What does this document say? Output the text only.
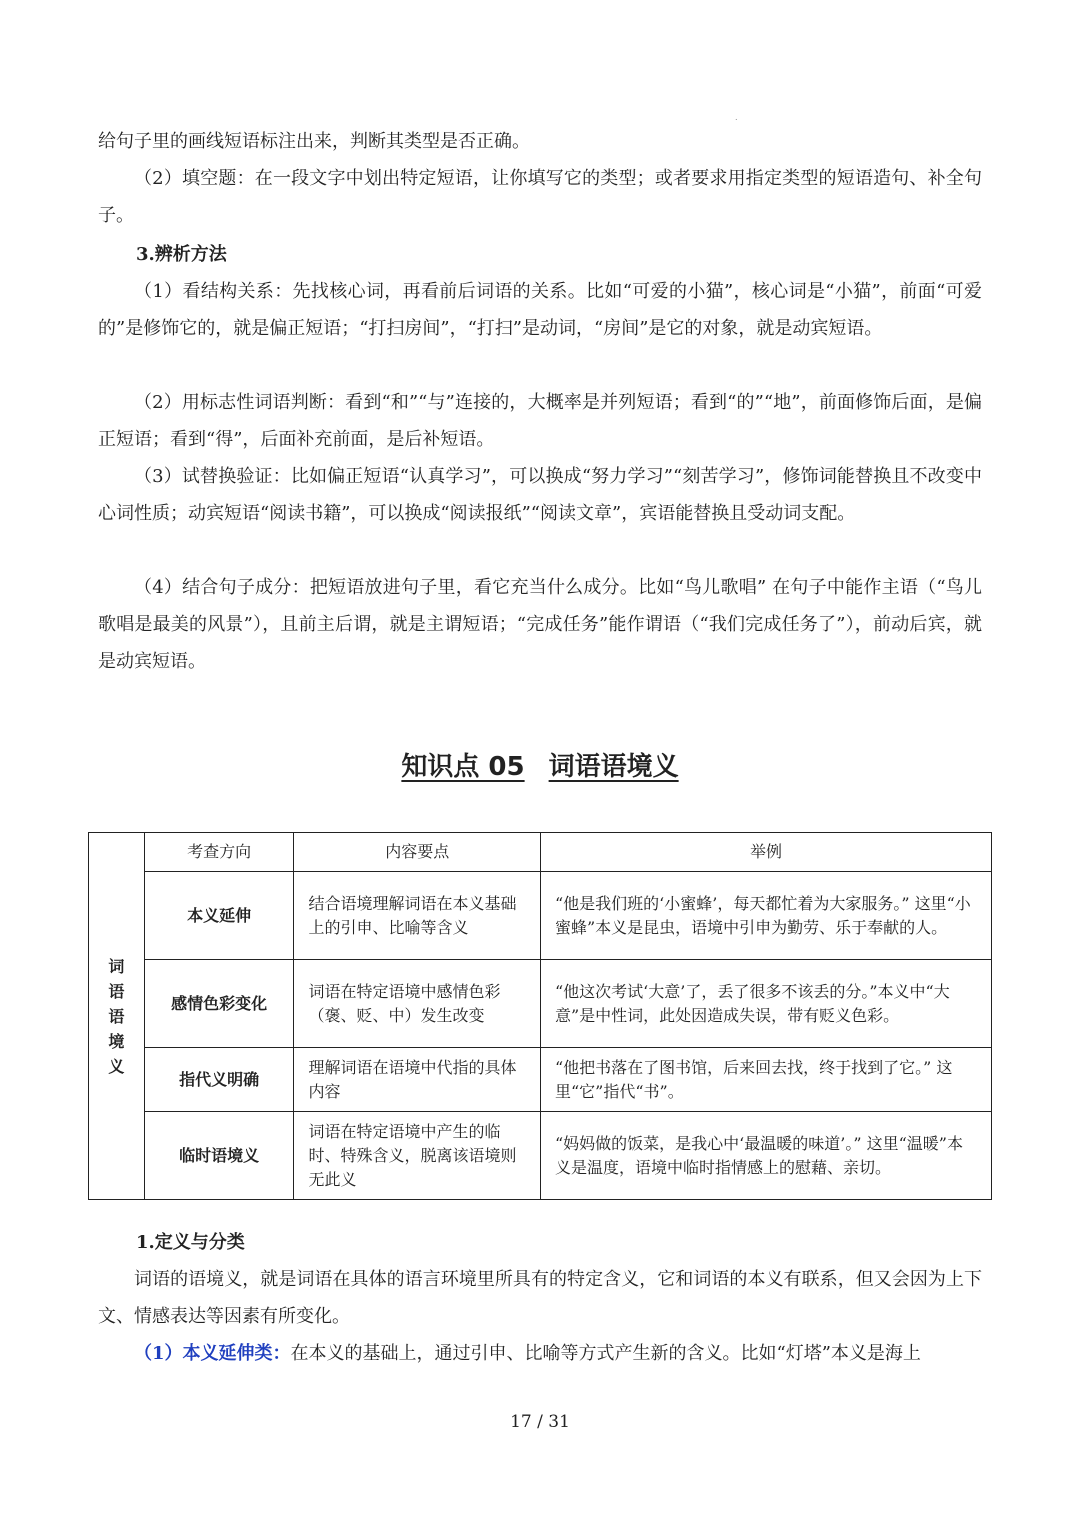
.

给句子里的画线短语标注出来，判断其类型是否正确。

（2）填空题：在一段文字中划出特定短语，让你填写它的类型；或者要求用指定类型的短语造句、补全句子。

3.辨析方法

（1）看结构关系：先找核心词，再看前后词语的关系。比如“可爱的小猫”，核心词是“小猫”，前面“可爱的”是修饰它的，就是偏正短语；“打扫房间”，“打扫”是动词，“房间”是它的对象，就是动宾短语。

（2）用标志性词语判断：看到“和”“与”连接的，大概率是并列短语；看到“的”“地”，前面修饰后面，是偏正短语；看到“得”，后面补充前面，是后补短语。

（3）试替换验证：比如偏正短语“认真学习”，可以换成“努力学习”“刻苦学习”，修饰词能替换且不改变中心词性质；动宾短语“阅读书籍”，可以换成“阅读报纸”“阅读文章”，宾语能替换且受动词支配。

（4）结合句子成分：把短语放进句子里，看它充当什么成分。比如“鸟儿歌唱” 在句子中能作主语（“鸟儿歌唱是最美的风景”），且前主后谓，就是主谓短语；“完成任务”能作谓语（“我们完成任务了”），前动后宾，就是动宾短语。

知识点 05 词语语境义
词
语
语
境
义	考查方向	内容要点	举例
	本义延伸	结合语境理解词语在本义基础上的引申、比喻等含义	“他是我们班的‘小蜜蜂’，每天都忙着为大家服务。” 这里“小蜜蜂”本义是昆虫，语境中引申为勤劳、乐于奉献的人。
	感情色彩变化	词语在特定语境中感情色彩（褒、贬、中）发生改变	“他这次考试‘大意’了，丢了很多不该丢的分。”本义中“大意”是中性词，此处因造成失误，带有贬义色彩。
	指代义明确	理解词语在语境中代指的具体内容	“他把书落在了图书馆，后来回去找，终于找到了它。” 这里“它”指代“书”。
	临时语境义	词语在特定语境中产生的临时、特殊含义，脱离该语境则无此义	“妈妈做的饭菜，是我心中‘最温暖的味道’。” 这里“温暖”本义是温度，语境中临时指情感上的慰藉、亲切。

1.定义与分类

词语的语境义，就是词语在具体的语言环境里所具有的特定含义，它和词语的本义有联系，但又会因为上下文、情感表达等因素有所变化。

（1）本义延伸类：在本义的基础上，通过引申、比喻等方式产生新的含义。比如“灯塔”本义是海上

17 / 31
